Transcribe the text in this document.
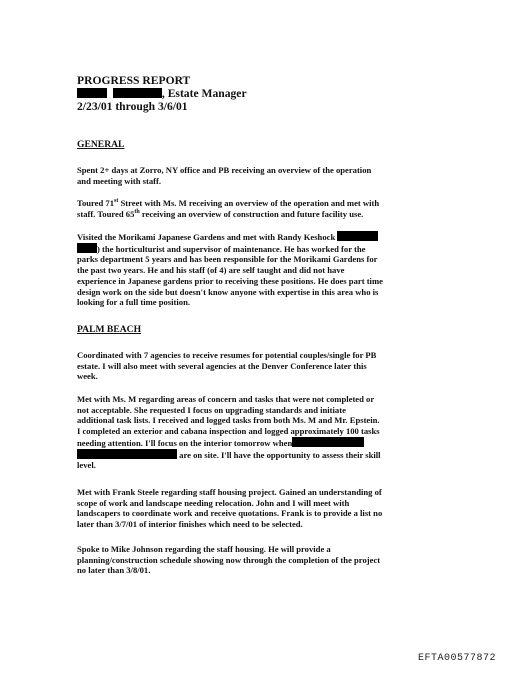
PROGRESS REPORT
, Estate Manager
2/23/01 through 3/6/01
GENERAL
Spent 2+ days at Zorro, NY office and PB receiving an overview of the operation
and meeting with staff.
Toured 71st Street with Ms. M receiving an overview of the operation and met with
staff. Toured 65th receiving an overview of construction and future facility use.
Visited the Morikami Japanese Gardens and met with Randy Keshock
) the horticulturist and supervisor of maintenance. He has worked for the
parks department 5 years and has been responsible for the Morikami Gardens for
the past two years. He and his staff (of 4) are self taught and did not have
experience in Japanese gardens prior to receiving these positions. He does part time
design work on the side but doesn't know anyone with expertise in this area who is
looking for a full time position.
PALM BEACH
Coordinated with 7 agencies to receive resumes for potential couples/single for PB
estate. I will also meet with several agencies at the Denver Conference later this
week.
Met with Ms. M regarding areas of concern and tasks that were not completed or
not acceptable. She requested I focus on upgrading standards and initiate
additional task lists. I received and logged tasks from both Ms. M and Mr. Epstein.
I completed an exterior and cabana inspection and logged approximately 100 tasks
needing attention. I'll focus on the interior tomorrow when
are on site. I'll have the opportunity to assess their skill
level.
Met with Frank Steele regarding staff housing project. Gained an understanding of
scope of work and landscape needing relocation. John and I will meet with
landscapers to coordinate work and receive quotations. Frank is to provide a list no
later than 3/7/01 of interior finishes which need to be selected.
Spoke to Mike Johnson regarding the staff housing. He will provide a
planning/construction schedule showing now through the completion of the project
no later than 3/8/01.
EFTA00577872
